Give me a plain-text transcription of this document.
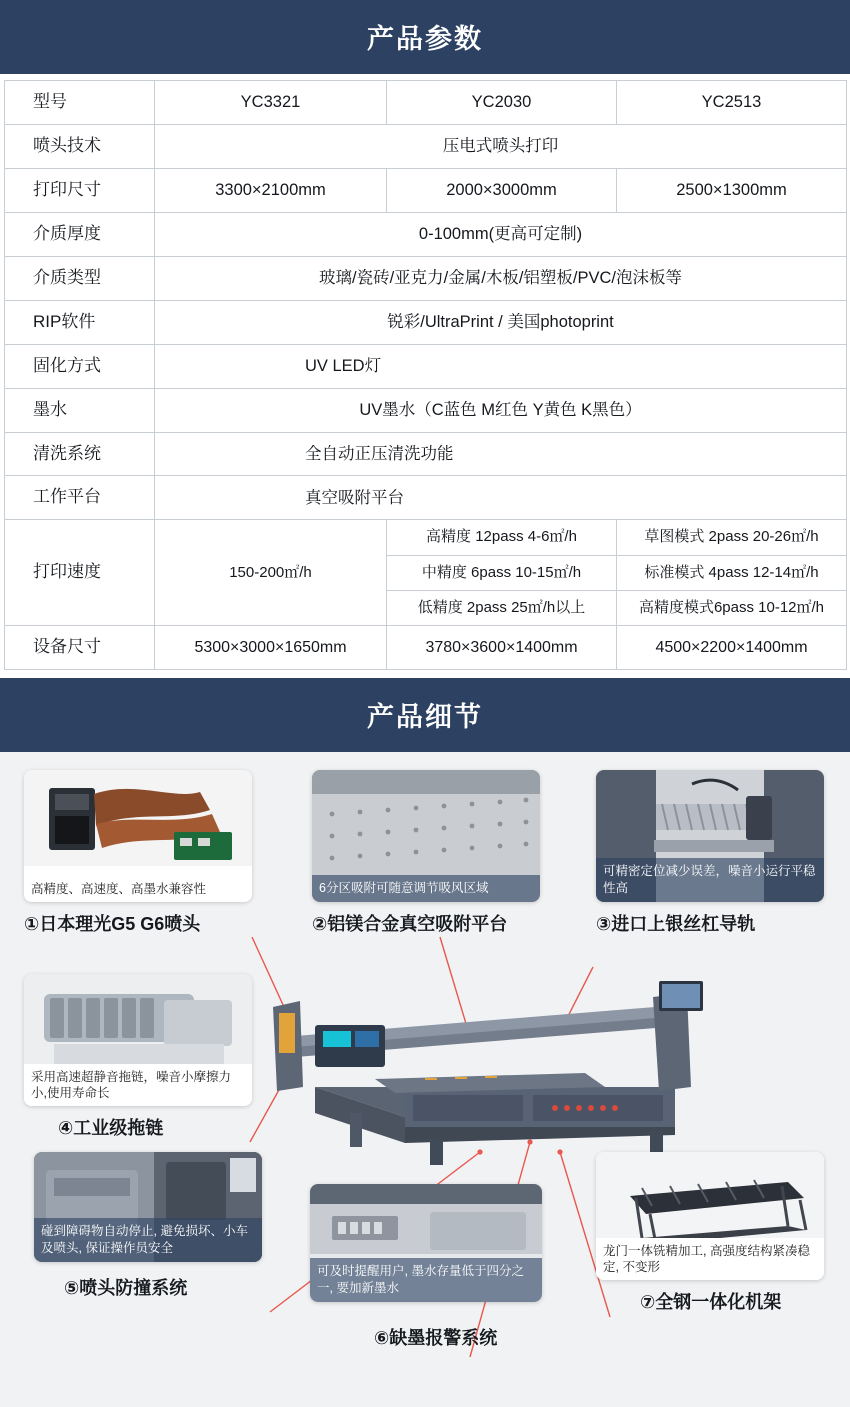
产品参数
型号	YC3321	YC2030	YC2513
喷头技术	压电式喷头打印		
打印尺寸	3300×2100mm	2000×3000mm	2500×1300mm
介质厚度	0-100mm(更高可定制)		
介质类型	玻璃/瓷砖/亚克力/金属/木板/铝塑板/PVC/泡沫板等		
RIP软件	锐彩/UltraPrint / 美国photoprint		
固化方式	UV LED灯		
墨水	UV墨水（C蓝色 M红色 Y黄色 K黑色）		
清洗系统	全自动正压清洗功能		
工作平台	真空吸附平台		
打印速度	150-200㎡/h	高精度 12pass 4-6㎡/h	草图模式 2pass 20-26㎡/h
		中精度 6pass 10-15㎡/h	标准模式 4pass 12-14㎡/h
		低精度 2pass 25㎡/h以上	高精度模式6pass 10-12㎡/h
设备尺寸	5300×3000×1650mm	3780×3600×1400mm	4500×2200×1400mm
产品细节
高精度、高速度、高墨水兼容性
①日本理光G5 G6喷头
6分区吸附可随意调节吸风区域
②铝镁合金真空吸附平台
可精密定位减少误差，噪音小运行平稳性高
③进口上银丝杠导轨
采用高速超静音拖链，噪音小摩擦力小,使用寿命长
④工业级拖链
碰到障碍物自动停止, 避免损坏、小车及喷头, 保证操作员安全
⑤喷头防撞系统
可及时提醒用户, 墨水存量低于四分之一, 要加新墨水
⑥缺墨报警系统
龙门一体铣精加工, 高强度结构紧凑稳定, 不变形
⑦全钢一体化机架
